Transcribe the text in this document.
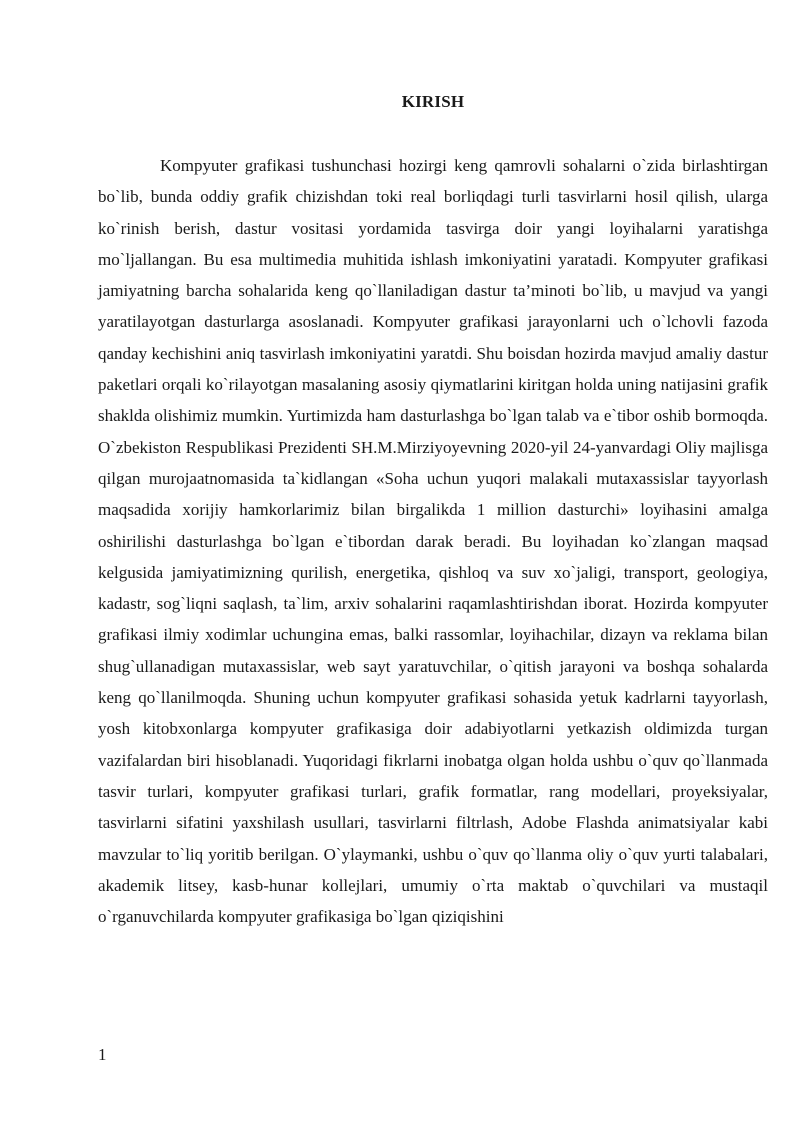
KIRISH

Kompyuter grafikasi tushunchasi hozirgi keng qamrovli sohalarni o`zida birlashtirgan bo`lib, bunda oddiy grafik chizishdan toki real borliqdagi turli tasvirlarni hosil qilish, ularga ko`rinish berish, dastur vositasi yordamida tasvirga doir yangi loyihalarni yaratishga mo`ljallangan. Bu esa multimedia muhitida ishlash imkoniyatini yaratadi. Kompyuter grafikasi jamiyatning barcha sohalarida keng qo`llaniladigan dastur ta’minoti bo`lib, u mavjud va yangi yaratilayotgan dasturlarga asoslanadi. Kompyuter grafikasi jarayonlarni uch o`lchovli fazoda qanday kechishini aniq tasvirlash imkoniyatini yaratdi. Shu boisdan hozirda mavjud amaliy dastur paketlari orqali ko`rilayotgan masalaning asosiy qiymatlarini kiritgan holda uning natijasini grafik shaklda olishimiz mumkin. Yurtimizda ham dasturlashga bo`lgan talab va e`tibor oshib bormoqda. O`zbekiston Respublikasi Prezidenti SH.M.Mirziyoyevning 2020-yil 24-yanvardagi Oliy majlisga qilgan murojaatnomasida ta`kidlangan «Soha uchun yuqori malakali mutaxassislar tayyorlash maqsadida xorijiy hamkorlarimiz bilan birgalikda 1 million dasturchi» loyihasini amalga oshirilishi dasturlashga bo`lgan e`tibordan darak beradi. Bu loyihadan ko`zlangan maqsad kelgusida jamiyatimizning qurilish, energetika, qishloq va suv xo`jaligi, transport, geologiya, kadastr, sog`liqni saqlash, ta`lim, arxiv sohalarini raqamlashtirishdan iborat. Hozirda kompyuter grafikasi ilmiy xodimlar uchungina emas, balki rassomlar, loyihachilar, dizayn va reklama bilan shug`ullanadigan mutaxassislar, web sayt yaratuvchilar, o`qitish jarayoni va boshqa sohalarda keng qo`llanilmoqda. Shuning uchun kompyuter grafikasi sohasida yetuk kadrlarni tayyorlash, yosh kitobxonlarga kompyuter grafikasiga doir adabiyotlarni yetkazish oldimizda turgan vazifalardan biri hisoblanadi. Yuqoridagi fikrlarni inobatga olgan holda ushbu o`quv qo`llanmada tasvir turlari, kompyuter grafikasi turlari, grafik formatlar, rang modellari, proyeksiyalar, tasvirlarni sifatini yaxshilash usullari, tasvirlarni filtrlash, Adobe Flashda animatsiyalar kabi mavzular to`liq yoritib berilgan. O`ylaymanki, ushbu o`quv qo`llanma oliy o`quv yurti talabalari, akademik litsey, kasb-hunar kollejlari, umumiy o`rta maktab o`quvchilari va mustaqil o`rganuvchilarda kompyuter grafikasiga bo`lgan qiziqishini

1
